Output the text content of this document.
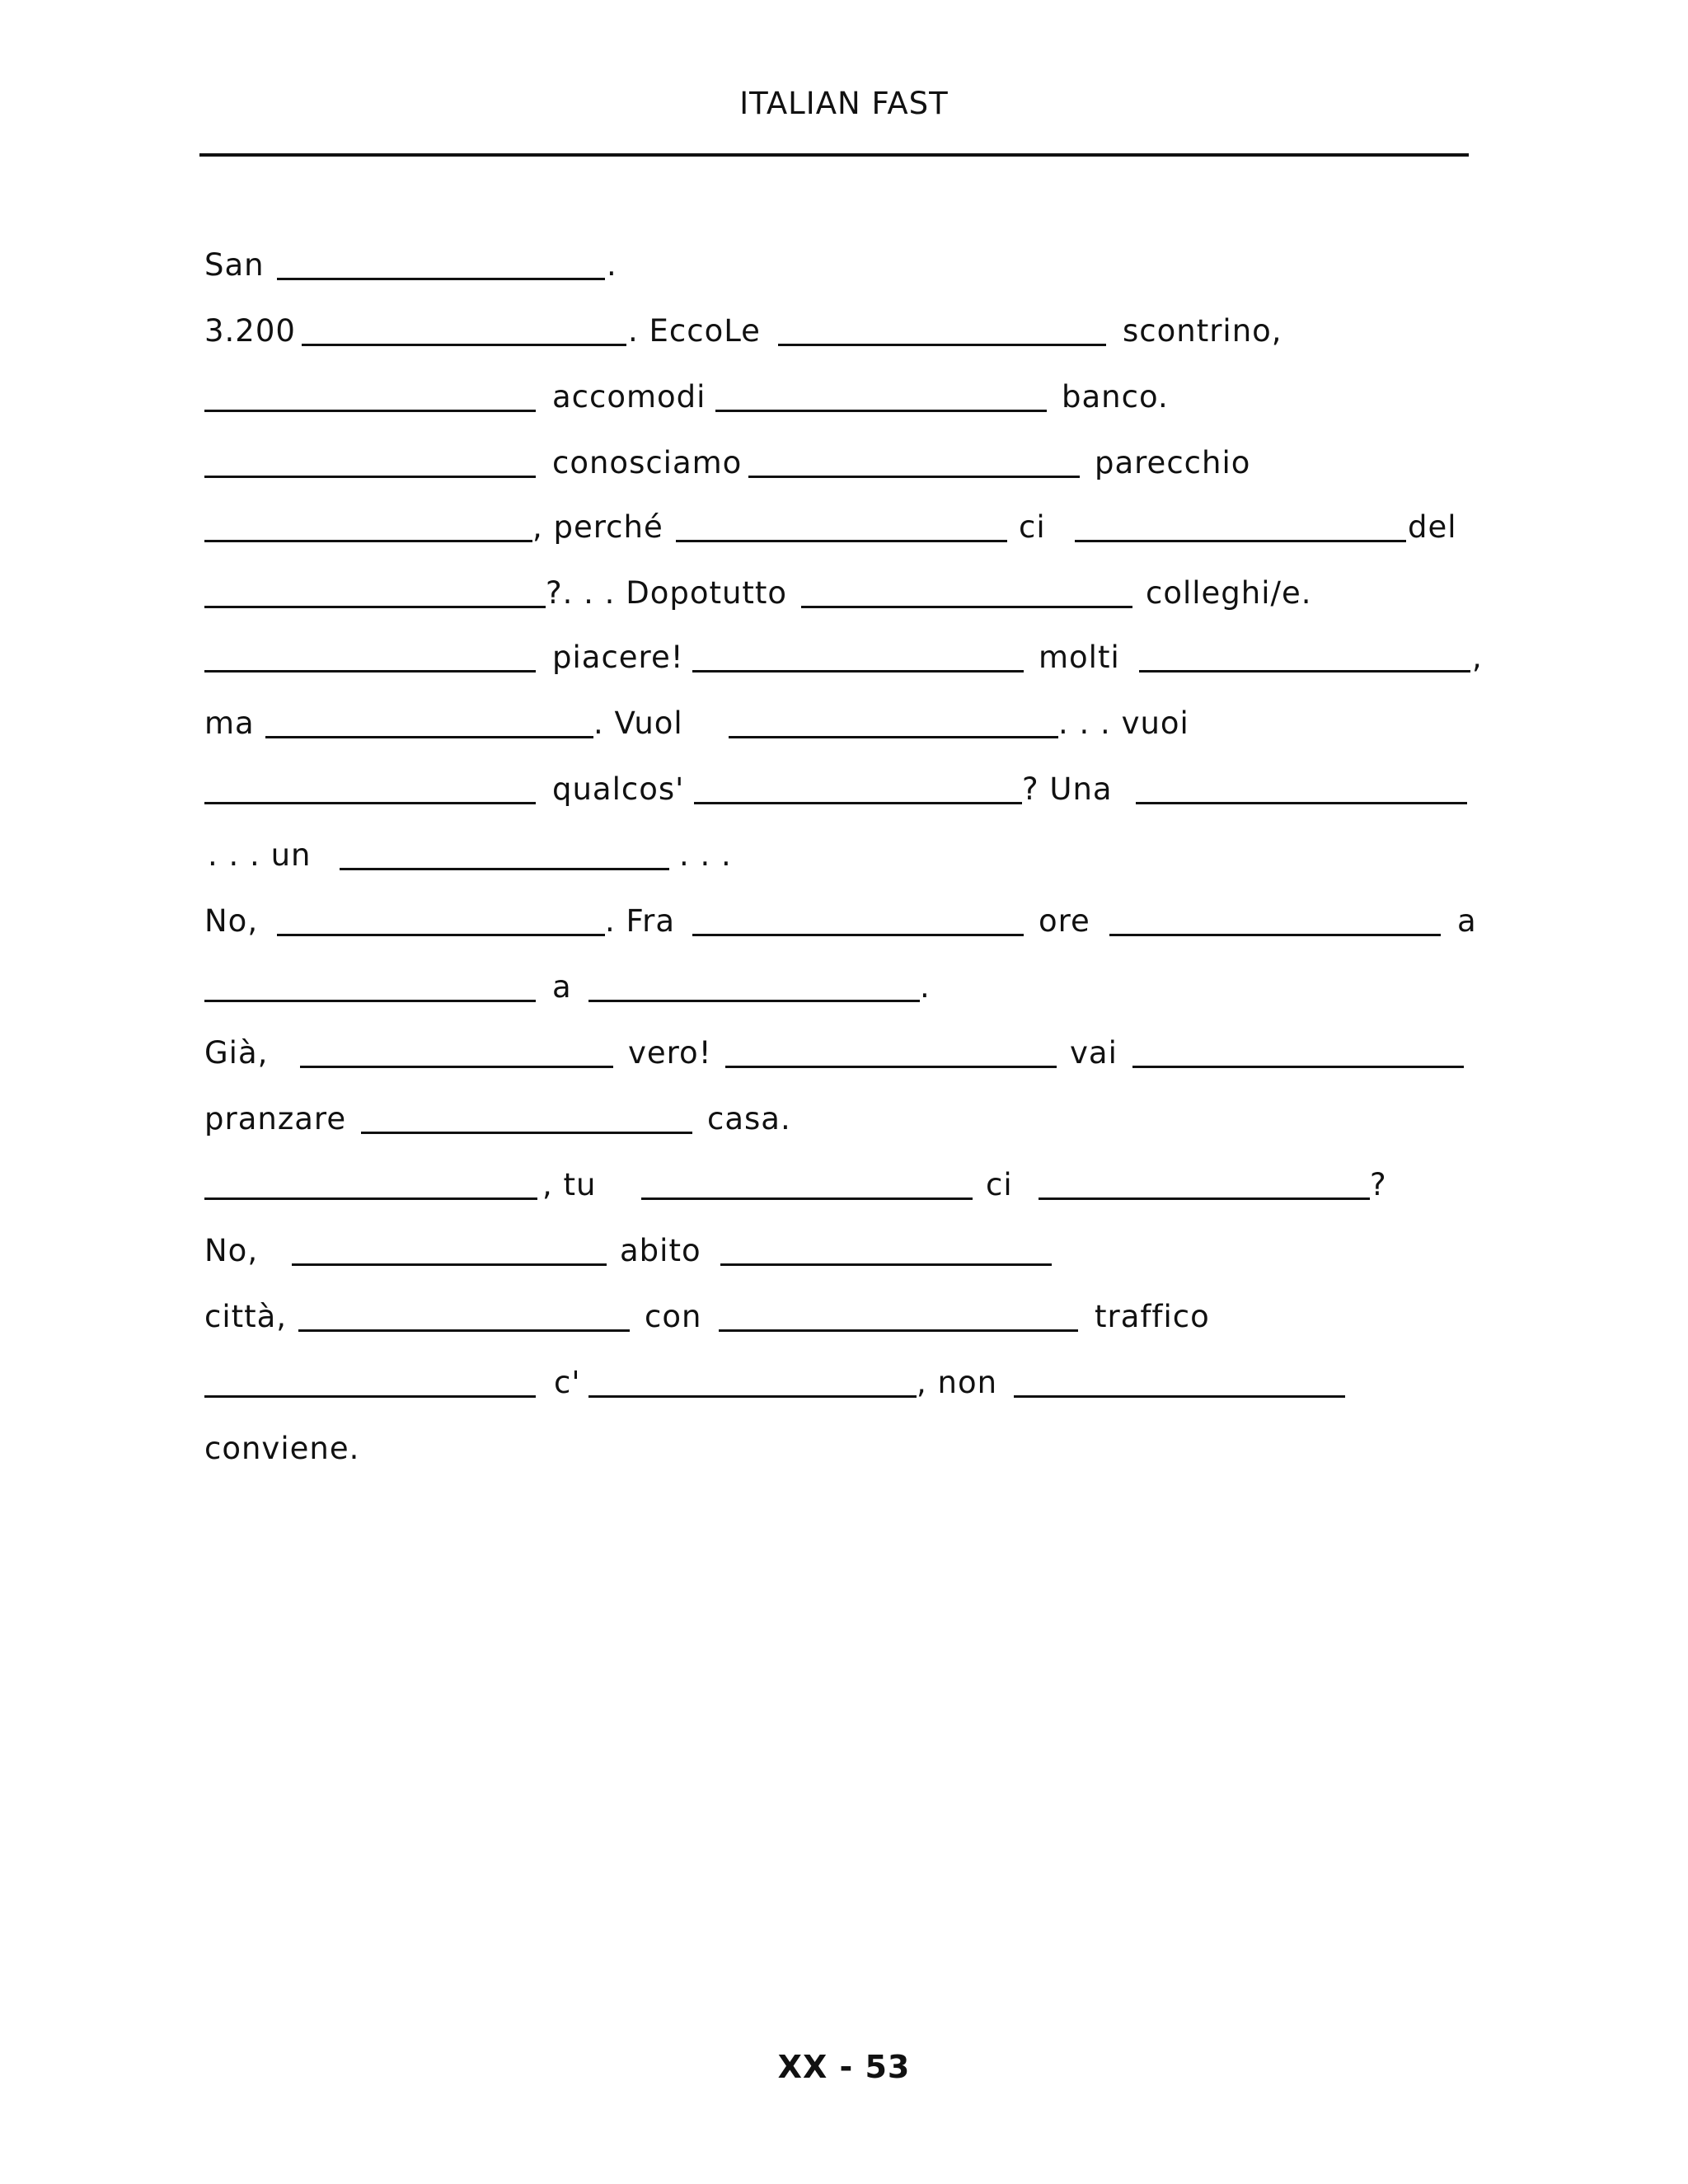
ITALIAN FAST
San	.
3.200	. EccoLe	scontrino,
accomodi	banco.
conosciamo	parecchio
, perché	ci	del
?. . . Dopotutto	colleghi/e.
piacere!	molti	,
ma	. Vuol	. . . vuoi
qualcos'	? Una
. . . un	. . .
No,	. Fra	ore	a
a	.
Già,	vero!	vai
pranzare	casa.
, tu	ci	?
No,	abito
città,	con	traffico
c'	, non
conviene.
XX - 53
